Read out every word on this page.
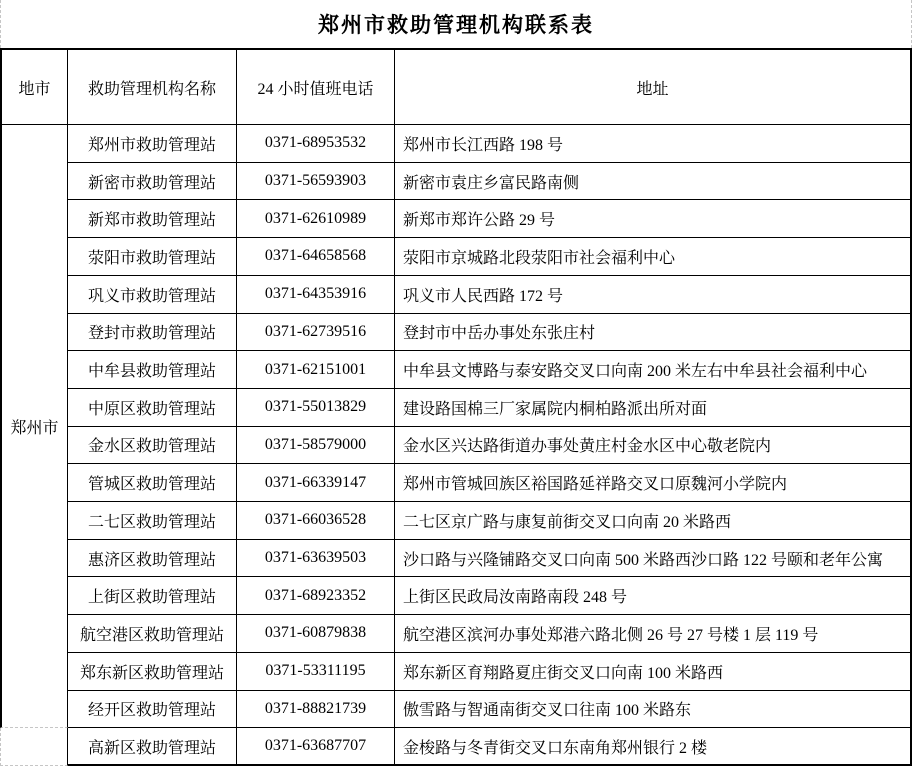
郑州市救助管理机构联系表
地市	救助管理机构名称	24 小时值班电话	地址
郑州市	郑州市救助管理站	0371-68953532	郑州市长江西路 198 号
	新密市救助管理站	0371-56593903	新密市袁庄乡富民路南侧
	新郑市救助管理站	0371-62610989	新郑市郑许公路 29 号
	荥阳市救助管理站	0371-64658568	荥阳市京城路北段荥阳市社会福利中心
	巩义市救助管理站	0371-64353916	巩义市人民西路 172 号
	登封市救助管理站	0371-62739516	登封市中岳办事处东张庄村
	中牟县救助管理站	0371-62151001	中牟县文博路与泰安路交叉口向南 200 米左右中牟县社会福利中心
	中原区救助管理站	0371-55013829	建设路国棉三厂家属院内桐柏路派出所对面
	金水区救助管理站	0371-58579000	金水区兴达路街道办事处黄庄村金水区中心敬老院内
	管城区救助管理站	0371-66339147	郑州市管城回族区裕国路延祥路交叉口原魏河小学院内
	二七区救助管理站	0371-66036528	二七区京广路与康复前街交叉口向南 20 米路西
	惠济区救助管理站	0371-63639503	沙口路与兴隆铺路交叉口向南 500 米路西沙口路 122 号颐和老年公寓
	上街区救助管理站	0371-68923352	上街区民政局汝南路南段 248 号
	航空港区救助管理站	0371-60879838	航空港区滨河办事处郑港六路北侧 26 号 27 号楼 1 层 119 号
	郑东新区救助管理站	0371-53311195	郑东新区育翔路夏庄街交叉口向南 100 米路西
	经开区救助管理站	0371-88821739	傲雪路与智通南街交叉口往南 100 米路东
	高新区救助管理站	0371-63687707	金梭路与冬青街交叉口东南角郑州银行 2 楼
